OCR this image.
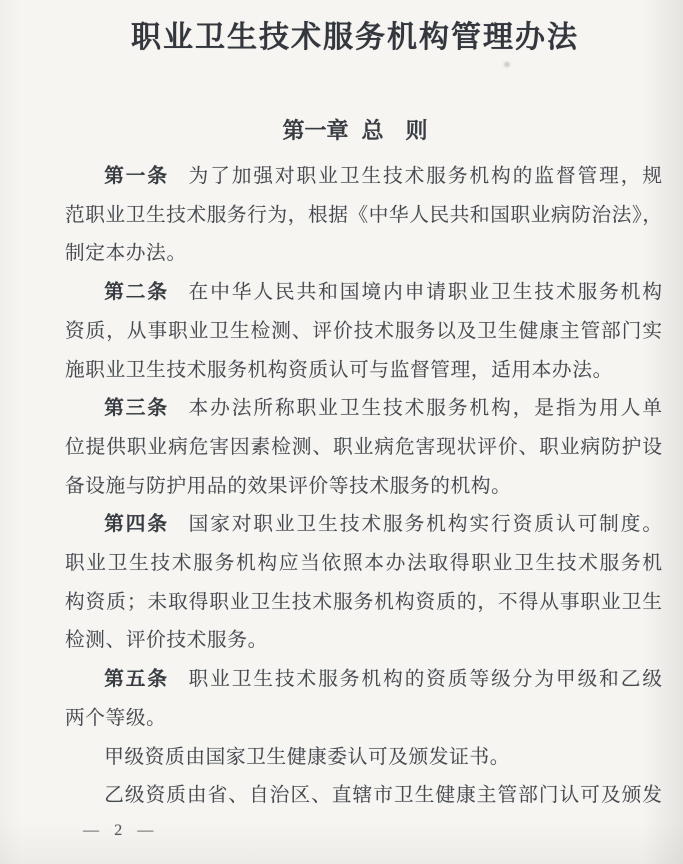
职业卫生技术服务机构管理办法
第一章 总　则
第一条 为了加强对职业卫生技术服务机构的监督管理，规
范职业卫生技术服务行为，根据《中华人民共和国职业病防治法》，
制定本办法。
第二条 在中华人民共和国境内申请职业卫生技术服务机构
资质，从事职业卫生检测、评价技术服务以及卫生健康主管部门实
施职业卫生技术服务机构资质认可与监督管理，适用本办法。
第三条 本办法所称职业卫生技术服务机构，是指为用人单
位提供职业病危害因素检测、职业病危害现状评价、职业病防护设
备设施与防护用品的效果评价等技术服务的机构。
第四条 国家对职业卫生技术服务机构实行资质认可制度。
职业卫生技术服务机构应当依照本办法取得职业卫生技术服务机
构资质；未取得职业卫生技术服务机构资质的，不得从事职业卫生
检测、评价技术服务。
第五条 职业卫生技术服务机构的资质等级分为甲级和乙级
两个等级。
甲级资质由国家卫生健康委认可及颁发证书。
乙级资质由省、自治区、直辖市卫生健康主管部门认可及颁发
— 2 —
